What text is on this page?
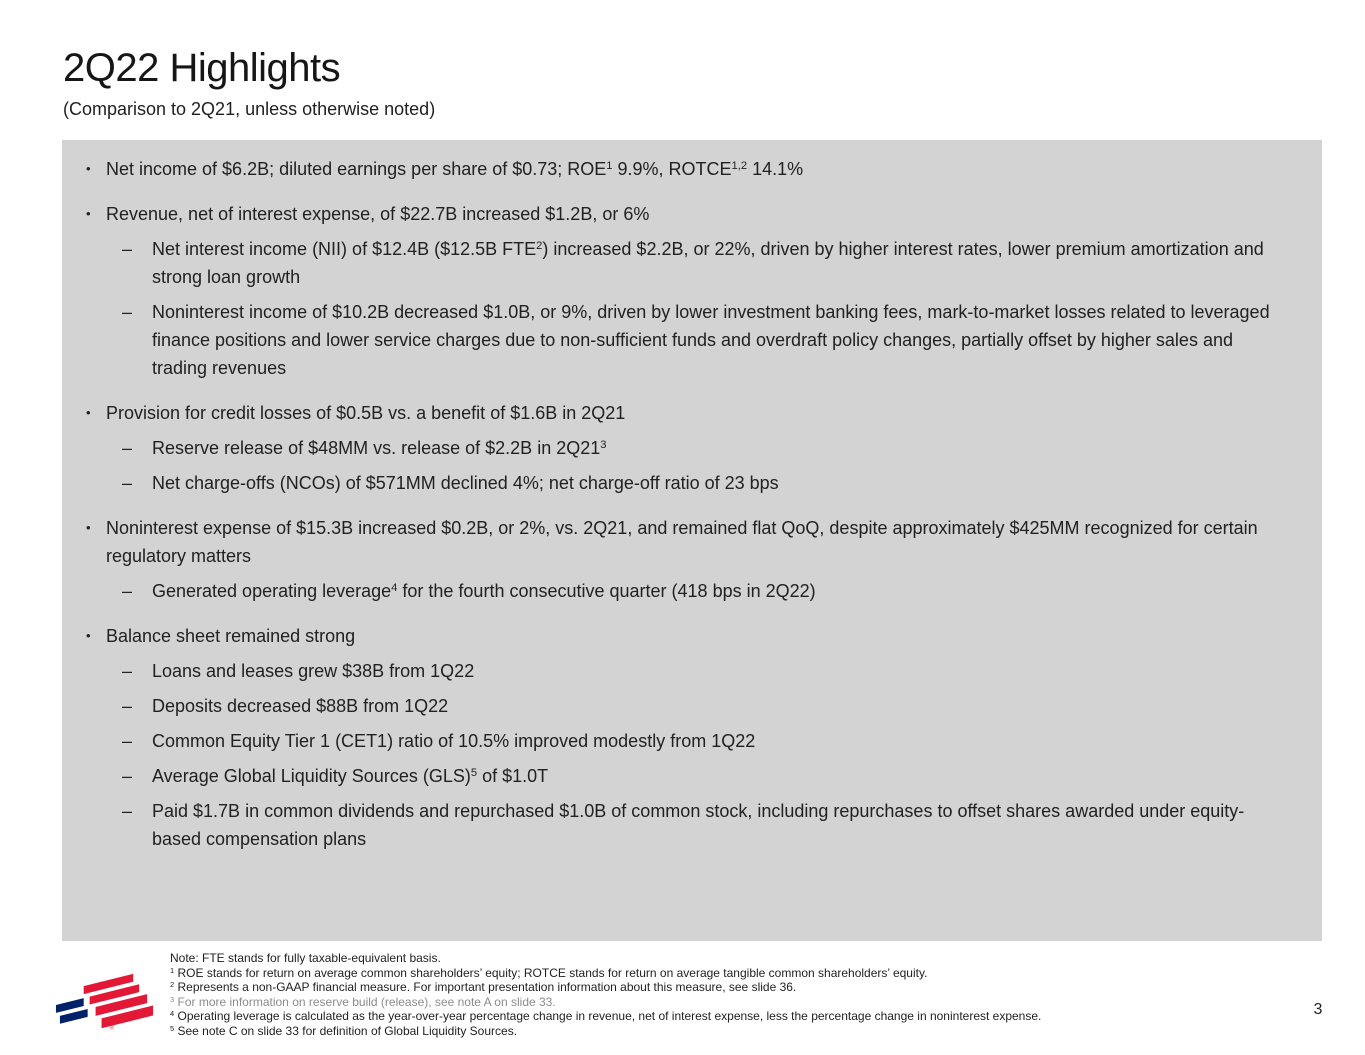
2Q22 Highlights
(Comparison to 2Q21, unless otherwise noted)
• Net income of $6.2B; diluted earnings per share of $0.73; ROE$^1$ 9.9%, ROTCE$^{1,2}$ 14.1%
• Revenue, net of interest expense, of $22.7B increased $1.2B, or 6%
–	Net interest income (NII) of $12.4B ($12.5B FTE$^2$) increased $2.2B, or 22%, driven by higher interest rates, lower premium amortization and strong loan growth
–	Noninterest income of $10.2B decreased $1.0B, or 9%, driven by lower investment banking fees, mark-to-market losses related to leveraged finance positions and lower service charges due to non-sufficient funds and overdraft policy changes, partially offset by higher sales and trading revenues
• Provision for credit losses of $0.5B vs. a benefit of $1.6B in 2Q21
–	Reserve release of $48MM vs. release of $2.2B in $2Q21^3$
–	Net charge-offs (NCOs) of $571MM declined 4%; net charge-off ratio of 23 bps
• Noninterest expense of $15.3B increased $0.2B, or 2%, vs. 2Q21, and remained flat QoQ, despite approximately $425MM recognized for certain regulatory matters
–	Generated operating leverage$^4$ for the fourth consecutive quarter (418 bps in 2Q22)
• Balance sheet remained strong
–	Loans and leases grew $38B from 1Q22
–	Deposits decreased $88B from 1Q22
–	Common Equity Tier 1 (CET1) ratio of 10.5% improved modestly from 1Q22
–	Average Global Liquidity Sources (GLS)$^5$ of $1.0T
–	Paid $1.7B in common dividends and repurchased $1.0B of common stock, including repurchases to offset shares awarded under equity-based compensation plans
®
Note: FTE stands for fully taxable-equivalent basis.
$^1$ ROE stands for return on average common shareholders’ equity; ROTCE stands for return on average tangible common shareholders’ equity.
$^2$ Represents a non-GAAP financial measure. For important presentation information about this measure, see slide 36.
$^3$ For more information on reserve build (release), see note A on slide 33.
$^4$ Operating leverage is calculated as the year-over-year percentage change in revenue, net of interest expense, less the percentage change in noninterest expense.
$^5$ See note C on slide 33 for definition of Global Liquidity Sources.
3
